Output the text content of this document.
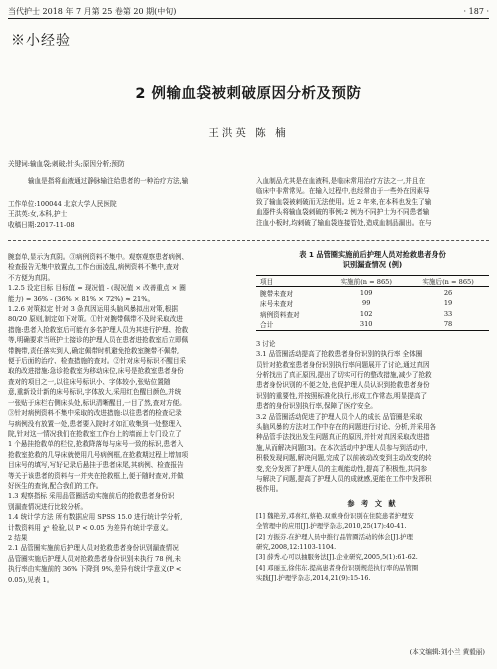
当代护士 2018 年 7 月第 25 卷第 20 期(中旬)	· 187 ·
※小经验
2 例输血袋被刺破原因分析及预防
王洪英 陈 楠
关键词:输血袋;刺破;针头;原因分析;预防
输血是指将血液通过静脉输注给患者的一种治疗方法,输
工作单位:100044 北京大学人民医院
王洪英:女,本科,护士
收稿日期:2017-11-08
入血制品尤其是在血液科,是临床常用治疗方法之一,并且在
临床中非常常见。在输入过程中,也经常由于一些外在因素导
致了输血袋被刺破而无法使用。近 2 年来,在本科也发生了输
血器件头将输血袋刺破的事例;2 例为不同护士为不同患者输
注血小板时,均刺破了输血袋连接管处,造成血制品漏出。在与
腕套单,显示为真阴。③病例资料不集中。观察观察患者病例、
检查报告无集中放置点,工作台面凌乱,病例资料不集中,查对
不方便为真阴。
1.2.5 设定目标 目标值 = 现况值 - (现况值 × 改善重点 × 圈
能力) = 36% - (36% × 81% × 72%) ≈ 21%。
1.2.6 对策拟定 针对 3 条真因运用头脑风暴拟出对策,根据
80/20 原则,制定如下对策。①针对腕带佩带不及时采取改进
措施:患者入抢救室后可能有多名护理人员为其进行护理、抢救
等,明确要求当班护士接诊的护理人员在患者进抢救室后立即佩
带腕带,责任落实到人,确定佩带时机避免抢救室腕带不佩带,
便于后面的治疗、检查措施的查对。②针对床号标识不醒目采
取的改进措施:急诊抢救室为移动床位,床号是抢救室患者身份
查对的项目之一,以往床号标识小、字体较小,张贴位置随
意,重新设计新的床号标识,字体放大,采用红色醒目颜色,并统
一张贴于床栏右侧床头处,标识清晰醒目,一目了然,查对方便。
③针对病例资料不集中采取的改进措施:以往患者的检查记录
与病例没有放置一处,患者要入院时才如汇收集到一处整理入
院,针对这一情况我们在抢救室工作台上的墙面上专门设立了
1 个悬挂抢救单的栏位,抢救降落每与床号一致的标识,患者入
抢救室抢救的几导床就使用几号病例框,在抢救期过程上增加项
目床号的填写,写好记录后悬挂于患者床尾,其病例、检查报告
等关于该患者的资料与一并夹在抢救框上,便于随时查对,并做
好医生的查询,配合我们的工作。
1.3 观察指标 采用品管圈活动实施前后的抢救患者身份识
别漏查情况进行比较分析。
1.4 统计学方法 所有数据应用 SPSS 15.0 进行统计学分析,
计数资料用 χ² 检验,以 P < 0.05 为差异有统计学意义。
2 结果
2.1 品管圈实施前后护理人员对抢救患者身份识别漏查情况
品管圈实施后护理人员对抢救患者身份识别未执行 78 例,未
执行率由实施前的 36% 下降到 9%,差异有统计学意义(P <
0.05),见表 1。
表 1 品管圈实施前后护理人员对抢救患者身份
识别漏查情况 (例)
项目	实施前(n = 865)	实施后(n = 865)
腕带未查对	109	26
床号未查对	99	19
病例资料查对	102	33
合计	310	78
3 讨论
3.1 品管圈活动提高了抢救患者身份识别的执行率 全体圈
员针对抢救室患者身份识别执行率问题展开了讨论,通过真因
分析找出了真正原因,提出了切实可行的整改措施,减少了抢救
患者身份识别的不便之处,也促护理人员认识到抢救患者身份
识别的重要性,并按照标准化执行,形成工作常态,明显提高了
患者的身份识别执行率,保障了医疗安全。
3.2 品管圈活动促进了护理人员个人的成长 品管圈是采取
头脑风暴的方法对工作中存在的问题进行讨论、分析,并采用各
种品管手法找出发生问题真正的原因,并针对真因采取改进措
施,从而解决问题[3]。在本次活动中护理人员参与到活动中,
积极发现问题,解决问题,完成了以前被动改变到主动改变的转
变,充分发挥了护理人员的主观能动性,提高了积极性,共同参
与解决了问题,提高了护理人员的成就感,更能在工作中发挥积
极作用。
参 考 文 献
[1] 魏艳芳,邓喜红,蔡艳.双重身份识别在住院患者护理安
全管理中的应用[J].护理学杂志,2010,25(17):40-41.
[2] 方振芬.在护理人员中推行品管圈活动的体会[J].护理
研究,2008,12:1103-1104.
[3] 薛秀.心可以抽服务法[J].企业研究,2005,5(1):61-62.
[4] 邓丽玉,徐伟东.提高患者身份识别规范执行率的品管圈
实践[J].护理学杂志,2014,21(9):15-16.
(本文编辑:刘小兰 黄毅丽)
